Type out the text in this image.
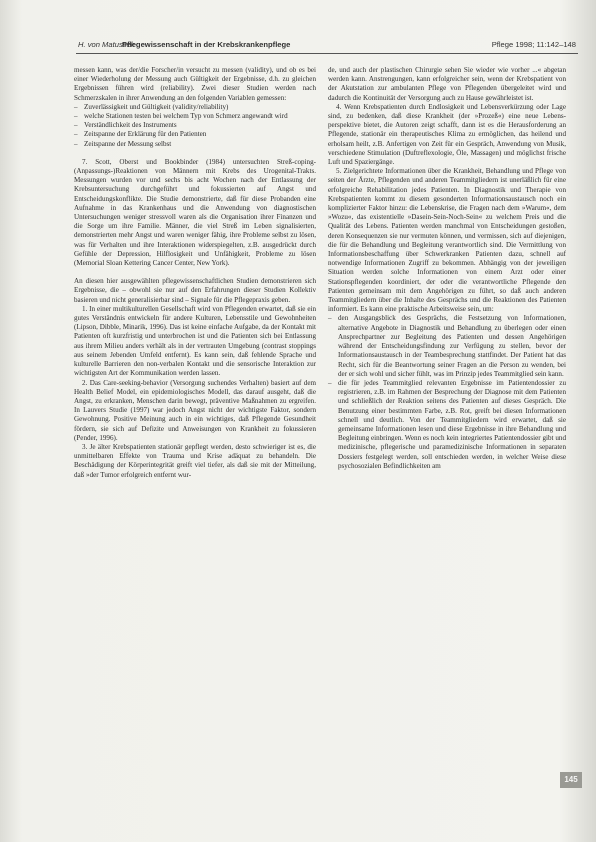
H. von Matussek
Pflegewissenschaft in der Krebskrankenpflege	Pflege 1998; 11:142–148

messen kann, was der/die Forscher/in versucht zu messen (validity), und ob es bei einer Wiederholung der Messung auch Gültigkeit der Ergebnisse, d.h. zu gleichen Ergebnissen führen wird (reliability). Zwei dieser Studien werden nach Schmerzskalen in ihrer Anwendung an den folgenden Variablen gemessen:

– Zuverlässigkeit und Gültigkeit (validity/reliability)
– welche Stationen testen bei welchem Typ von Schmerz angewandt wird
– Verständlichkeit des Instruments
– Zeitspanne der Erklärung für den Patienten
– Zeitspanne der Messung selbst

7. Scott, Oberst und Bookbinder (1984) untersuchten Streß-coping-(Anpassungs-)Reaktionen von Männern mit Krebs des Urogenital-Trakts. Messungen wurden vor und sechs bis acht Wochen nach der Entlassung der Krebsuntersuchung durchgeführt und fokussierten auf Angst und Entscheidungskonflikte. Die Studie demonstrierte, daß für diese Probanden eine Aufnahme in das Krankenhaus und die Anwendung von diagnostischen Untersuchungen weniger stressvoll waren als die Organisation ihrer Finanzen und die Sorge um ihre Familie. Männer, die viel Streß im Leben signalisierten, demonstrierten mehr Angst und waren weniger fähig, ihre Probleme selbst zu lösen, was für Verhalten und ihre Interaktionen widerspiegelten, z.B. ausgedrückt durch Gefühle der Depression, Hilflosigkeit und Unfähigkeit, Probleme zu lösen (Memorial Sloan Kettering Cancer Center, New York).

An diesen hier ausgewählten pflegewissenschaftlichen Studien demonstrieren sich Ergebnisse, die – obwohl sie nur auf den Erfahrungen dieser Studien Kollektiv basieren und nicht generalisierbar sind – Signale für die Pflegepraxis geben.

1. In einer multikulturellen Gesellschaft wird von Pflegenden erwartet, daß sie ein gutes Verständnis entwickeln für andere Kulturen, Lebensstile und Gewohnheiten (Lipson, Dibble, Minarik, 1996). Das ist keine einfache Aufgabe, da der Kontakt mit Patienten oft kurzfristig und unterbrochen ist und die Patienten sich bei Entlassung aus ihrem Milieu anders verhält als in der vertrauten Umgebung (contrast stoppings aus seinem Jebenden Umfeld entfernt). Es kann sein, daß fehlende Sprache und kulturelle Barrieren den non-verbalen Kontakt und die sensorische Interaktion zur wichtigsten Art der Kommunikation werden lassen.

2. Das Care-seeking-behavior (Versorgung suchendes Verhalten) basiert auf dem Health Belief Model, ein epidemiologisches Modell, das darauf ausgeht, daß die Angst, zu erkranken, Menschen darin bewegt, präventive Maßnahmen zu ergreifen. In Lauvers Studie (1997) war jedoch Angst nicht der wichtigste Faktor, sondern Gewohnung. Positive Meinung auch in ein wichtiges, daß Pflegende Gesundheit fördern, sie sich auf Defizite und Anweisungen von Krankheit zu fokussieren (Pender, 1996).

3. Je älter Krebspatienten stationär gepflegt werden, desto schwieriger ist es, die unmittelbaren Effekte von Trauma und Krise adäquat zu behandeln. Die Beschädigung der Körperintegrität greift viel tiefer, als daß sie mit der Mitteilung, daß »der Tumor erfolgreich entfernt wur-

de, und auch der plastischen Chirurgie sehen Sie wieder wie vorher ...« abgetan werden kann. Anstrengungen, kann erfolgreicher sein, wenn der Krebspatient von der Akutstation zur ambulanten Pflege von Pflegenden übergeleitet wird und dadurch die Kontinuität der Versorgung auch zu Hause gewährleistet ist.

4. Wenn Krebspatienten durch Endlosigkeit und Lebensverkürzung oder Lage sind, zu bedenken, daß diese Krankheit (der »Prozeß«) eine neue Lebens-perspektive bietet, die Autoren zeigt schafft, dann ist es die Herausforderung an Pflegende, stationär ein therapeutisches Klima zu ermöglichen, das heilend und erholsam heilt, z.B. Anfertigen von Zeit für ein Gespräch, Anwendung von Musik, verschiedene Stimulation (Duftreflexologie, Öle, Massagen) und möglichst frische Luft und Spaziergänge.

5. Zielgerichtete Informationen über die Krankheit, Behandlung und Pflege von seiten der Ärzte, Pflegenden und anderen Teammitgliedern ist unerläßlich für eine erfolgreiche Rehabilitation jedes Patienten. In Diagnostik und Therapie von Krebspatienten kommt zu diesem gesonderten Informationsaustausch noch ein komplizierter Faktor hinzu: die Lebenskrise, die Fragen nach dem »Warum«, dem »Wozu«, das existentielle »Dasein-Sein-Noch-Sein« zu welchem Preis und die Qualität des Lebens. Patienten werden manchmal von Entscheidungen gestoßen, deren Konsequenzen sie nur vermuten können, und vermissen, sich auf diejenigen, die für die Behandlung und Begleitung verantwortlich sind. Die Vermittlung von Informationsbeschaffung über Schwerkranken Patienten dazu, schnell auf notwendige Informationen Zugriff zu bekommen. Abhängig von der jeweiligen Situation werden solche Informationen von einem Arzt oder einer Stationspflegenden koordiniert, der oder die verantwortliche Pflegende den Patienten gemeinsam mit dem Angehörigen zu führt, so daß auch anderen Teammitgliedern über die Inhalte des Gesprächs und die Reaktionen des Patienten informiert. Es kann eine praktische Arbeitsweise sein, um:

– den Ausgangsblick des Gesprächs, die Festsetzung von Informationen, alternative Angebote in Diagnostik und Behandlung zu überlegen oder einen Ansprechpartner zur Begleitung des Patienten und dessen Angehörigen während der Entscheidungsfindung zur Verfügung zu stellen, bevor der Informationsaustausch in der Teambesprechung stattfindet. Der Patient hat das Recht, sich für die Beantwortung seiner Fragen an die Person zu wenden, bei der er sich wohl und sicher fühlt, was im Prinzip jedes Teammitglied sein kann.
– die für jedes Teammitglied relevanten Ergebnisse im Patientendossier zu registrieren, z.B. im Rahmen der Besprechung der Diagnose mit dem Patienten und schließlich der Reaktion seitens des Patienten auf dieses Gespräch. Die Benutzung einer bestimmten Farbe, z.B. Rot, greift bei diesen Informationen schnell und deutlich. Von der Teammitgliedern wird erwartet, daß sie gemeinsame Informationen lesen und diese Ergebnisse in ihre Behandlung und Begleitung einbringen. Wenn es noch kein integriertes Patientendossier gibt und medizinische, pflegerische und paramedizinische Informationen in separaten Dossiers festgelegt werden, soll entschieden werden, in welcher Weise diese psychosozialen Befindlichkeiten am
145
